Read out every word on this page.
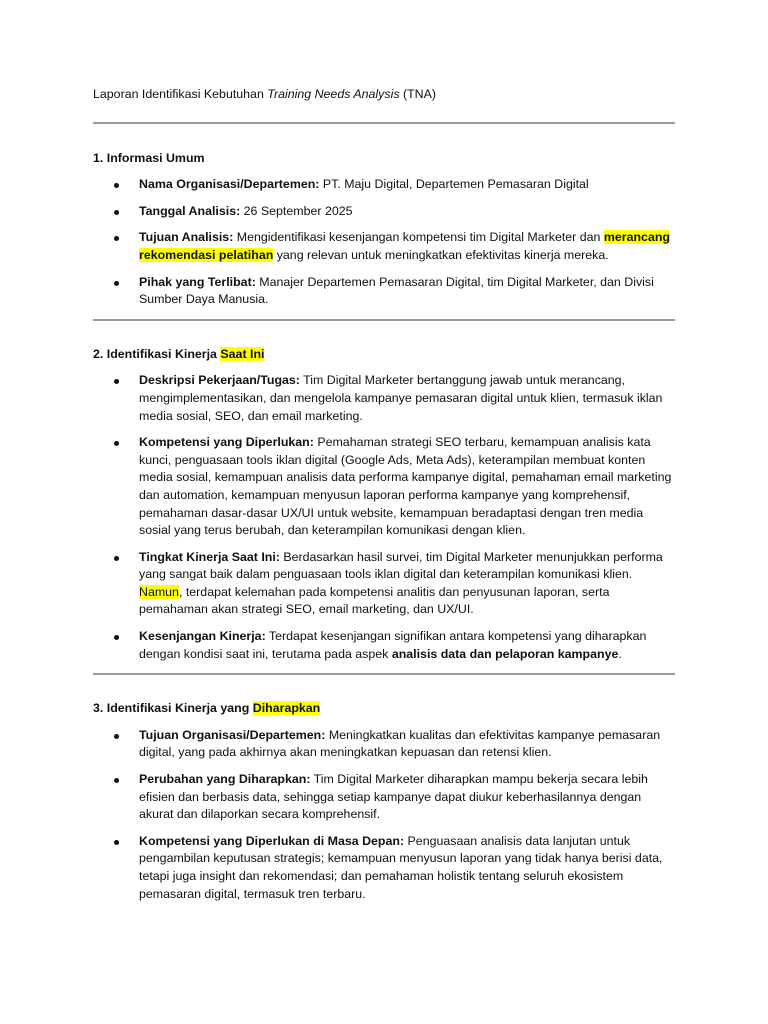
Laporan Identifikasi Kebutuhan Training Needs Analysis (TNA)

1. Informasi Umum

Nama Organisasi/Departemen: PT. Maju Digital, Departemen Pemasaran Digital
Tanggal Analisis: 26 September 2025
Tujuan Analisis: Mengidentifikasi kesenjangan kompetensi tim Digital Marketer dan merancang rekomendasi pelatihan yang relevan untuk meningkatkan efektivitas kinerja mereka.
Pihak yang Terlibat: Manajer Departemen Pemasaran Digital, tim Digital Marketer, dan Divisi Sumber Daya Manusia.

2. Identifikasi Kinerja Saat Ini

Deskripsi Pekerjaan/Tugas: Tim Digital Marketer bertanggung jawab untuk merancang, mengimplementasikan, dan mengelola kampanye pemasaran digital untuk klien, termasuk iklan media sosial, SEO, dan email marketing.
Kompetensi yang Diperlukan: Pemahaman strategi SEO terbaru, kemampuan analisis kata kunci, penguasaan tools iklan digital (Google Ads, Meta Ads), keterampilan membuat konten media sosial, kemampuan analisis data performa kampanye digital, pemahaman email marketing dan automation, kemampuan menyusun laporan performa kampanye yang komprehensif, pemahaman dasar-dasar UX/UI untuk website, kemampuan beradaptasi dengan tren media sosial yang terus berubah, dan keterampilan komunikasi dengan klien.
Tingkat Kinerja Saat Ini: Berdasarkan hasil survei, tim Digital Marketer menunjukkan performa yang sangat baik dalam penguasaan tools iklan digital dan keterampilan komunikasi klien. Namun, terdapat kelemahan pada kompetensi analitis dan penyusunan laporan, serta pemahaman akan strategi SEO, email marketing, dan UX/UI.
Kesenjangan Kinerja: Terdapat kesenjangan signifikan antara kompetensi yang diharapkan dengan kondisi saat ini, terutama pada aspek analisis data dan pelaporan kampanye.

3. Identifikasi Kinerja yang Diharapkan

Tujuan Organisasi/Departemen: Meningkatkan kualitas dan efektivitas kampanye pemasaran digital, yang pada akhirnya akan meningkatkan kepuasan dan retensi klien.
Perubahan yang Diharapkan: Tim Digital Marketer diharapkan mampu bekerja secara lebih efisien dan berbasis data, sehingga setiap kampanye dapat diukur keberhasilannya dengan akurat dan dilaporkan secara komprehensif.
Kompetensi yang Diperlukan di Masa Depan: Penguasaan analisis data lanjutan untuk pengambilan keputusan strategis; kemampuan menyusun laporan yang tidak hanya berisi data, tetapi juga insight dan rekomendasi; dan pemahaman holistik tentang seluruh ekosistem pemasaran digital, termasuk tren terbaru.
